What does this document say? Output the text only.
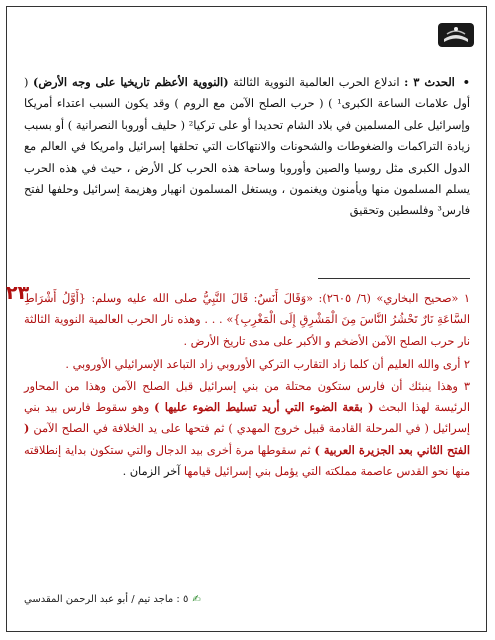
•الحدث ٣ : اندلاع الحرب العالمية النووية الثالثة (النووية الأعظم تاريخيا على وجه الأرض) ( أول علامات الساعة الكبرى¹ ) ( حرب الصلح الآمن مع الروم ) وقد يكون السبب اعتداء أمريكا وإسرائيل على المسلمين في بلاد الشام تحديدا أو على تركيا² ( حليف أوروبا النصرانية ) أو بسبب زيادة التراكمات والضغوطات والشحونات والانتهاكات التي تحلقها إسرائيل وامريكا في العالم مع الدول الكبرى مثل روسيا والصين وأوروبا وساحة هذه الحرب كل الأرض ، حيث في هذه الحرب يسلم المسلمون منها ويأمنون ويغنمون ، ويستغل المسلمون انهيار وهزيمة إسرائيل وحلفها لفتح فارس³ وفلسطين وتحقيق
٢٣

١ «صحيح البخاري» (٦/ ٢٦٠٥): «وَقَالَ أَنَسٌ: قَالَ النَّبِيُّ صلى الله عليه وسلم: {أَوَّلُ أَشْرَاطِ السَّاعَةِ نَارٌ تَحْشُرُ النَّاسَ مِنَ الْمَشْرِقِ إِلَى الْمَغْرِبِ}» . . . وهذه نار الحرب العالمية النووية الثالثة نار حرب الصلح الآمن الأضخم و الأكبر على مدى تاريخ الأرض .

٢ أرى والله العليم أن كلما زاد التقارب التركي الأوروبي زاد التباعد الإسرائيلي الأوروبي .

٣ وهذا ينبئك أن فارس ستكون محتلة من بني إسرائيل قبل الصلح الآمن وهذا من المحاور الرئيسة لهذا البحث ( بقعة الضوء التي أريد تسليط الضوء عليها ) وهو سقوط فارس بيد بني إسرائيل ( في المرحلة القادمة قبيل خروج المهدي ) ثم فتحها على يد الخلافة في الصلح الآمن ( الفتح الثاني بعد الجزيرة العربية ) ثم سقوطها مرة أخرى بيد الدجال والتي ستكون بداية إنطلاقته منها نحو القدس عاصمة مملكته التي يؤمل بني إسرائيل قيامها آخر الزمان .

✍٥ : ماجد تيم / أبو عبد الرحمن المقدسي
